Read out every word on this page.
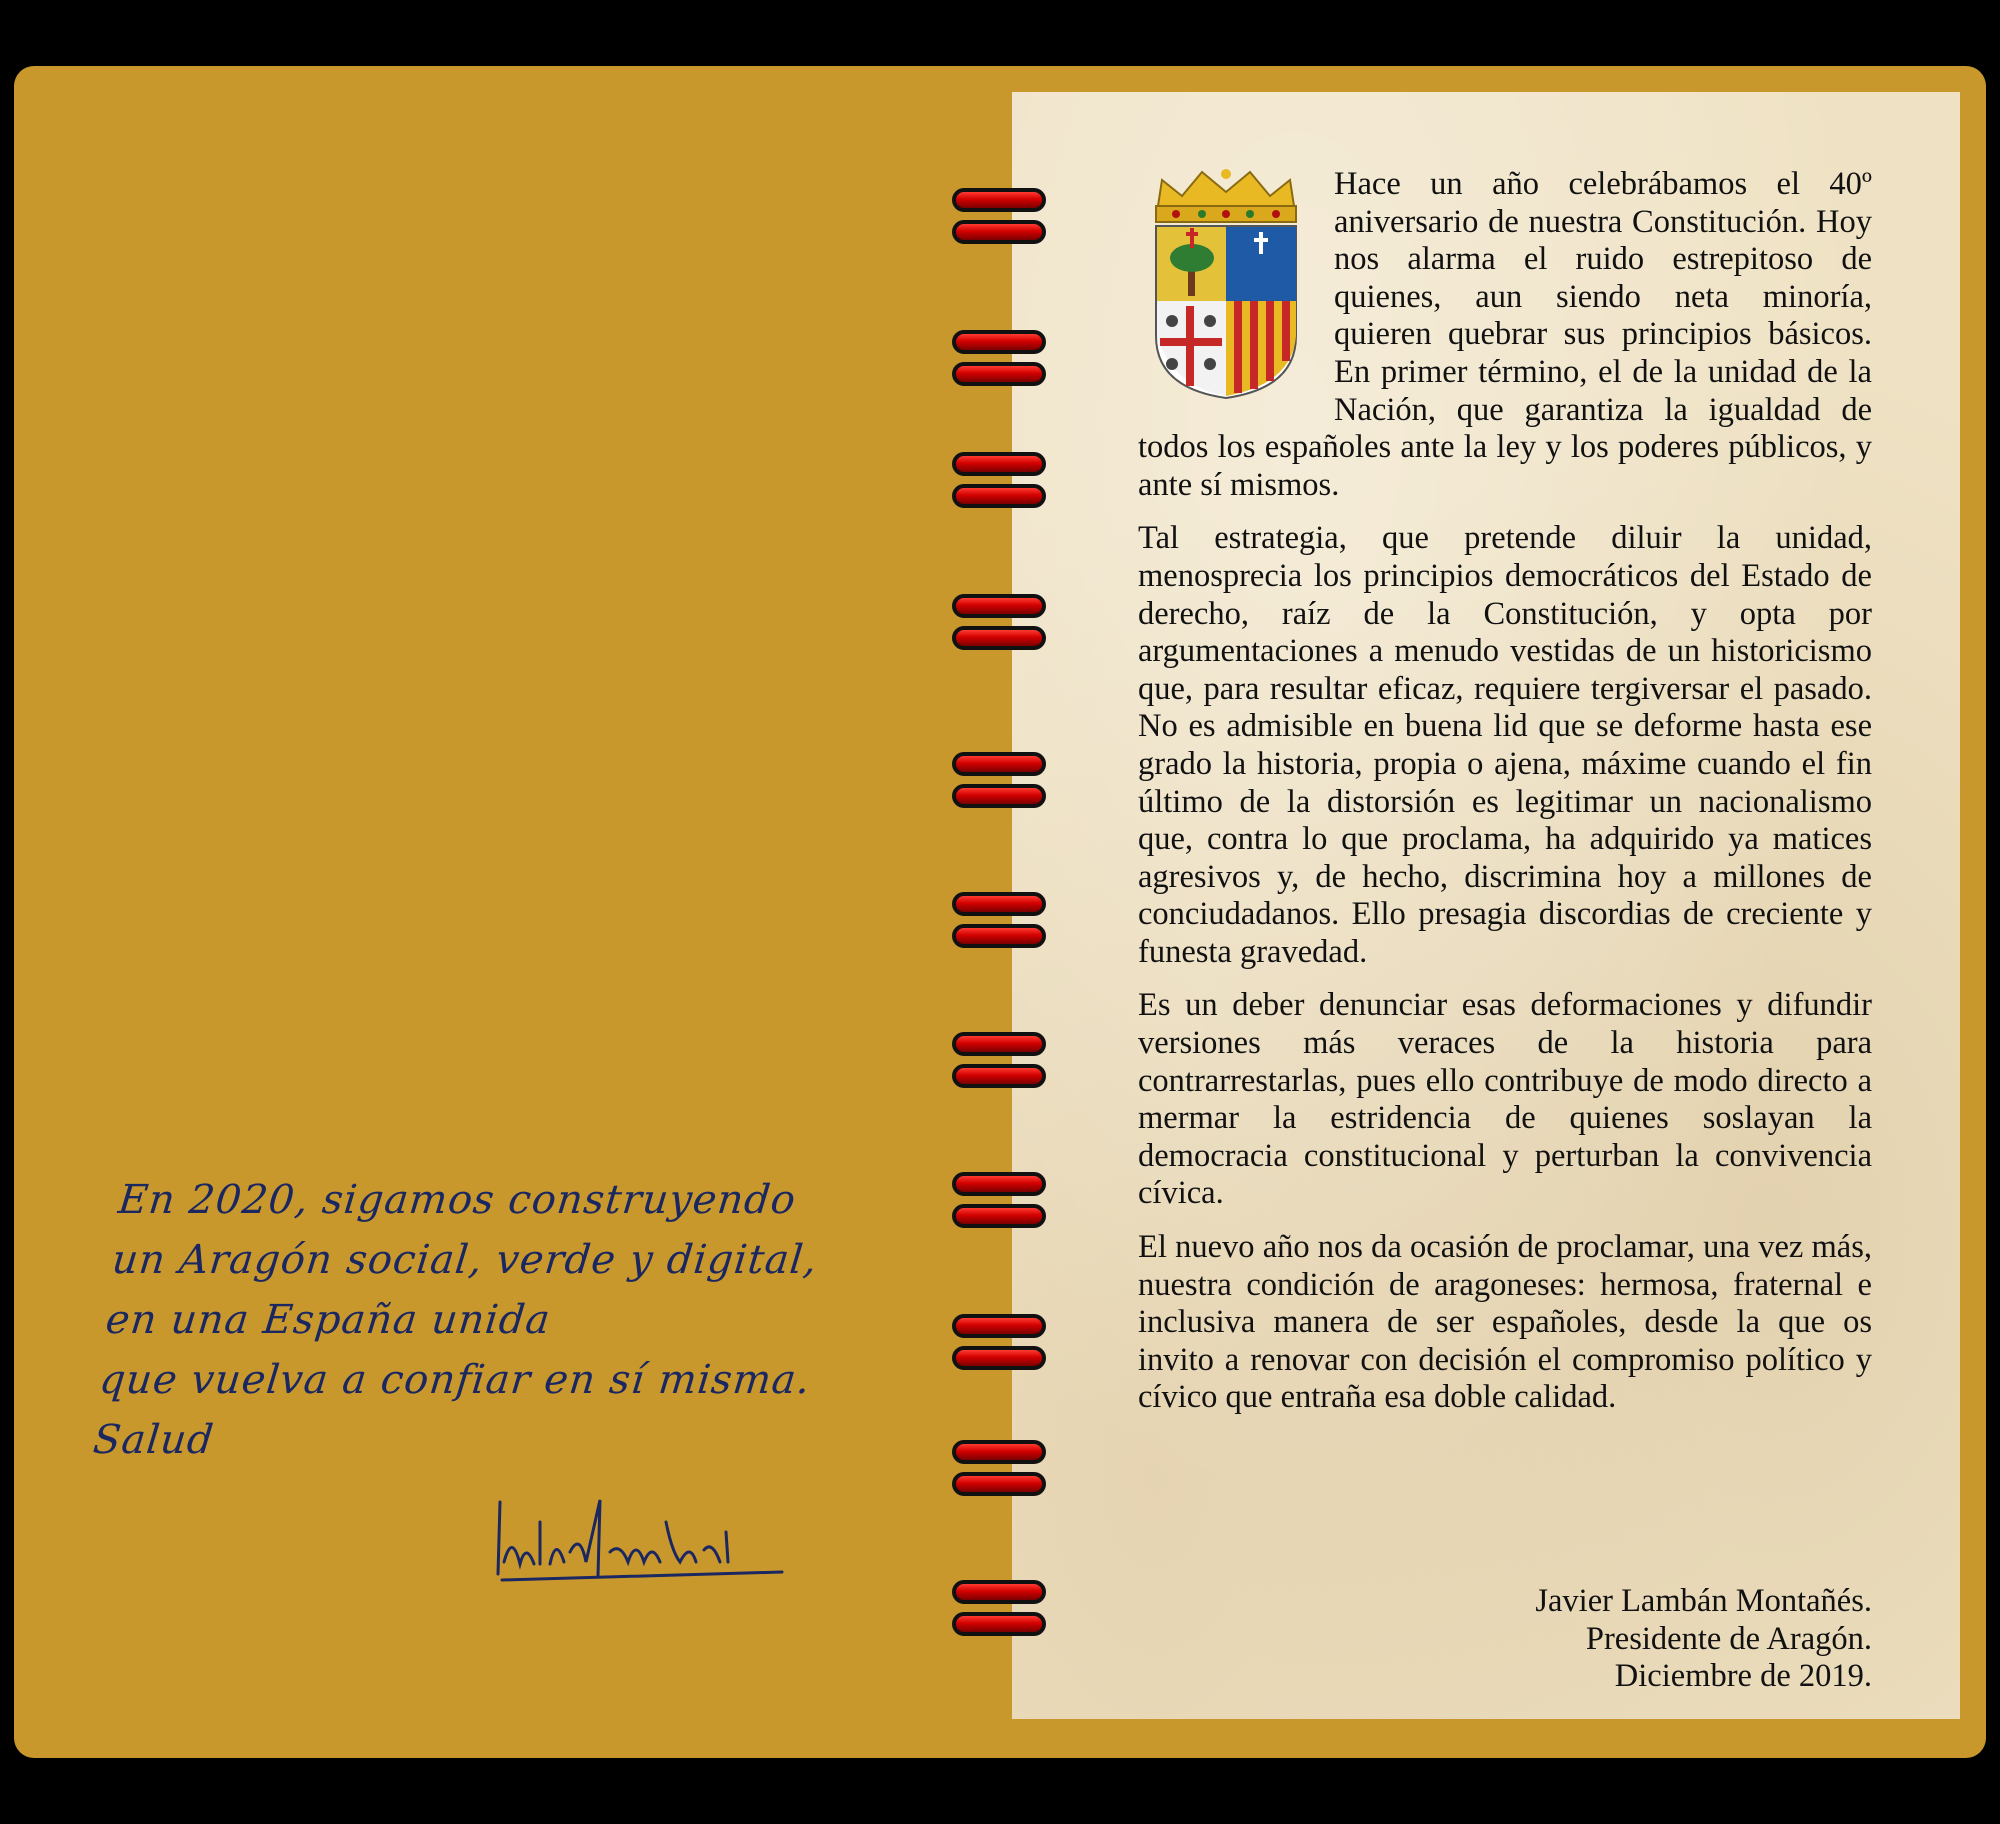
Hace un año celebrábamos el 40º aniversario de nuestra Constitución. Hoy nos alarma el ruido estrepitoso de quienes, aun siendo neta minoría, quieren quebrar sus principios básicos. En primer término, el de la unidad de la Nación, que garantiza la igualdad de todos los españoles ante la ley y los poderes públicos, y ante sí mismos.

Tal estrategia, que pretende diluir la unidad, menosprecia los principios democráticos del Estado de derecho, raíz de la Constitución, y opta por argumentaciones a menudo vestidas de un historicismo que, para resultar eficaz, requiere tergiversar el pasado. No es admisible en buena lid que se deforme hasta ese grado la historia, propia o ajena, máxime cuando el fin último de la distorsión es legitimar un nacionalismo que, contra lo que proclama, ha adquirido ya matices agresivos y, de hecho, discrimina hoy a millones de conciudadanos. Ello presagia discordias de creciente y funesta gravedad.

Es un deber denunciar esas deformaciones y difundir versiones más veraces de la historia para contrarrestarlas, pues ello contribuye de modo directo a mermar la estridencia de quienes soslayan la democracia constitucional y perturban la convivencia cívica.

El nuevo año nos da ocasión de proclamar, una vez más, nuestra condición de aragoneses: hermosa, fraternal e inclusiva manera de ser españoles, desde la que os invito a renovar con decisión el compromiso político y cívico que entraña esa doble calidad.

Javier Lambán Montañés.
Presidente de Aragón.
Diciembre de 2019.
En 2020, sigamos construyendo
un Aragón social, verde y digital,
en una España unida
que vuelva a confiar en sí misma.
Salud
